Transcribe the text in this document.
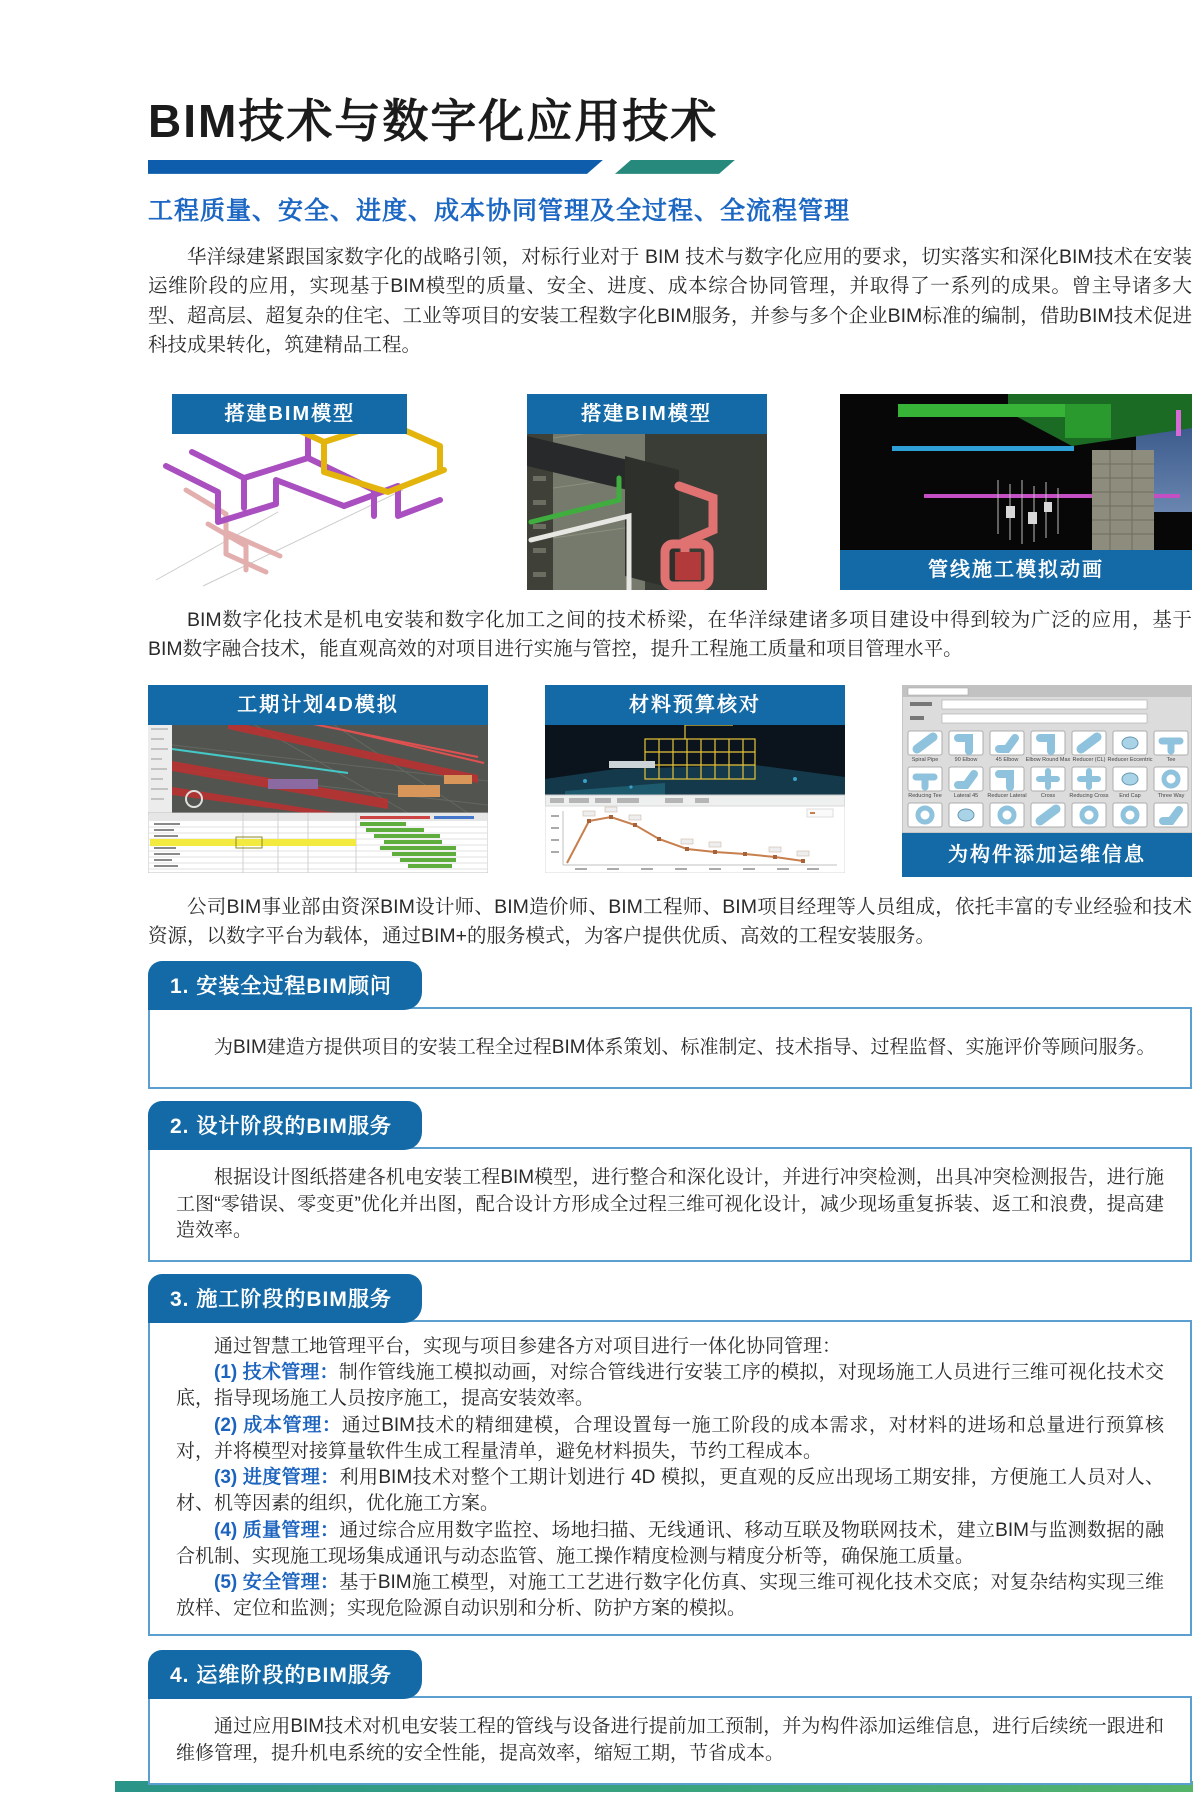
BIM技术与数字化应用技术
工程质量、安全、进度、成本协同管理及全过程、全流程管理

华洋绿建紧跟国家数字化的战略引领，对标行业对于 BIM 技术与数字化应用的要求，切实落实和深化BIM技术在安装运维阶段的应用，实现基于BIM模型的质量、安全、进度、成本综合协同管理，并取得了一系列的成果。曾主导诸多大型、超高层、超复杂的住宅、工业等项目的安装工程数字化BIM服务，并参与多个企业BIM标准的编制，借助BIM技术促进科技成果转化，筑建精品工程。

搭建BIM模型	搭建BIM模型
管线施工模拟动画

BIM数字化技术是机电安装和数字化加工之间的技术桥梁，在华洋绿建诸多项目建设中得到较为广泛的应用，基于BIM数字融合技术，能直观高效的对项目进行实施与管控，提升工程施工质量和项目管理水平。

工期计划4D模拟	材料预算核对
Spiral Pipe	90 Elbow	45 Elbow Elbow Round Max Reducer (CL) Reducer Eccentric	Tee
Reducing Tee Lateral 45 Reducer Lateral	Cross	Reducing Cross End Cap	Three Way
为构件添加运维信息

公司BIM事业部由资深BIM设计师、BIM造价师、BIM工程师、BIM项目经理等人员组成，依托丰富的专业经验和技术资源，以数字平台为载体，通过BIM+的服务模式，为客户提供优质、高效的工程安装服务。

1. 安装全过程BIM顾问

为BIM建造方提供项目的安装工程全过程BIM体系策划、标准制定、技术指导、过程监督、实施评价等顾问服务。

2. 设计阶段的BIM服务

根据设计图纸搭建各机电安装工程BIM模型，进行整合和深化设计，并进行冲突检测，出具冲突检测报告，进行施工图“零错误、零变更”优化并出图，配合设计方形成全过程三维可视化设计，减少现场重复拆装、返工和浪费，提高建造效率。

3. 施工阶段的BIM服务

通过智慧工地管理平台，实现与项目参建各方对项目进行一体化协同管理：

(1) 技术管理：制作管线施工模拟动画，对综合管线进行安装工序的模拟，对现场施工人员进行三维可视化技术交底，指导现场施工人员按序施工，提高安装效率。

(2) 成本管理：通过BIM技术的精细建模，合理设置每一施工阶段的成本需求，对材料的进场和总量进行预算核对，并将模型对接算量软件生成工程量清单，避免材料损失，节约工程成本。

(3) 进度管理：利用BIM技术对整个工期计划进行 4D 模拟，更直观的反应出现场工期安排，方便施工人员对人、材、机等因素的组织，优化施工方案。

(4) 质量管理：通过综合应用数字监控、场地扫描、无线通讯、移动互联及物联网技术，建立BIM与监测数据的融合机制、实现施工现场集成通讯与动态监管、施工操作精度检测与精度分析等，确保施工质量。

(5) 安全管理：基于BIM施工模型，对施工工艺进行数字化仿真、实现三维可视化技术交底；对复杂结构实现三维放样、定位和监测；实现危险源自动识别和分析、防护方案的模拟。

4. 运维阶段的BIM服务

通过应用BIM技术对机电安装工程的管线与设备进行提前加工预制，并为构件添加运维信息，进行后续统一跟进和维修管理，提升机电系统的安全性能，提高效率，缩短工期，节省成本。
